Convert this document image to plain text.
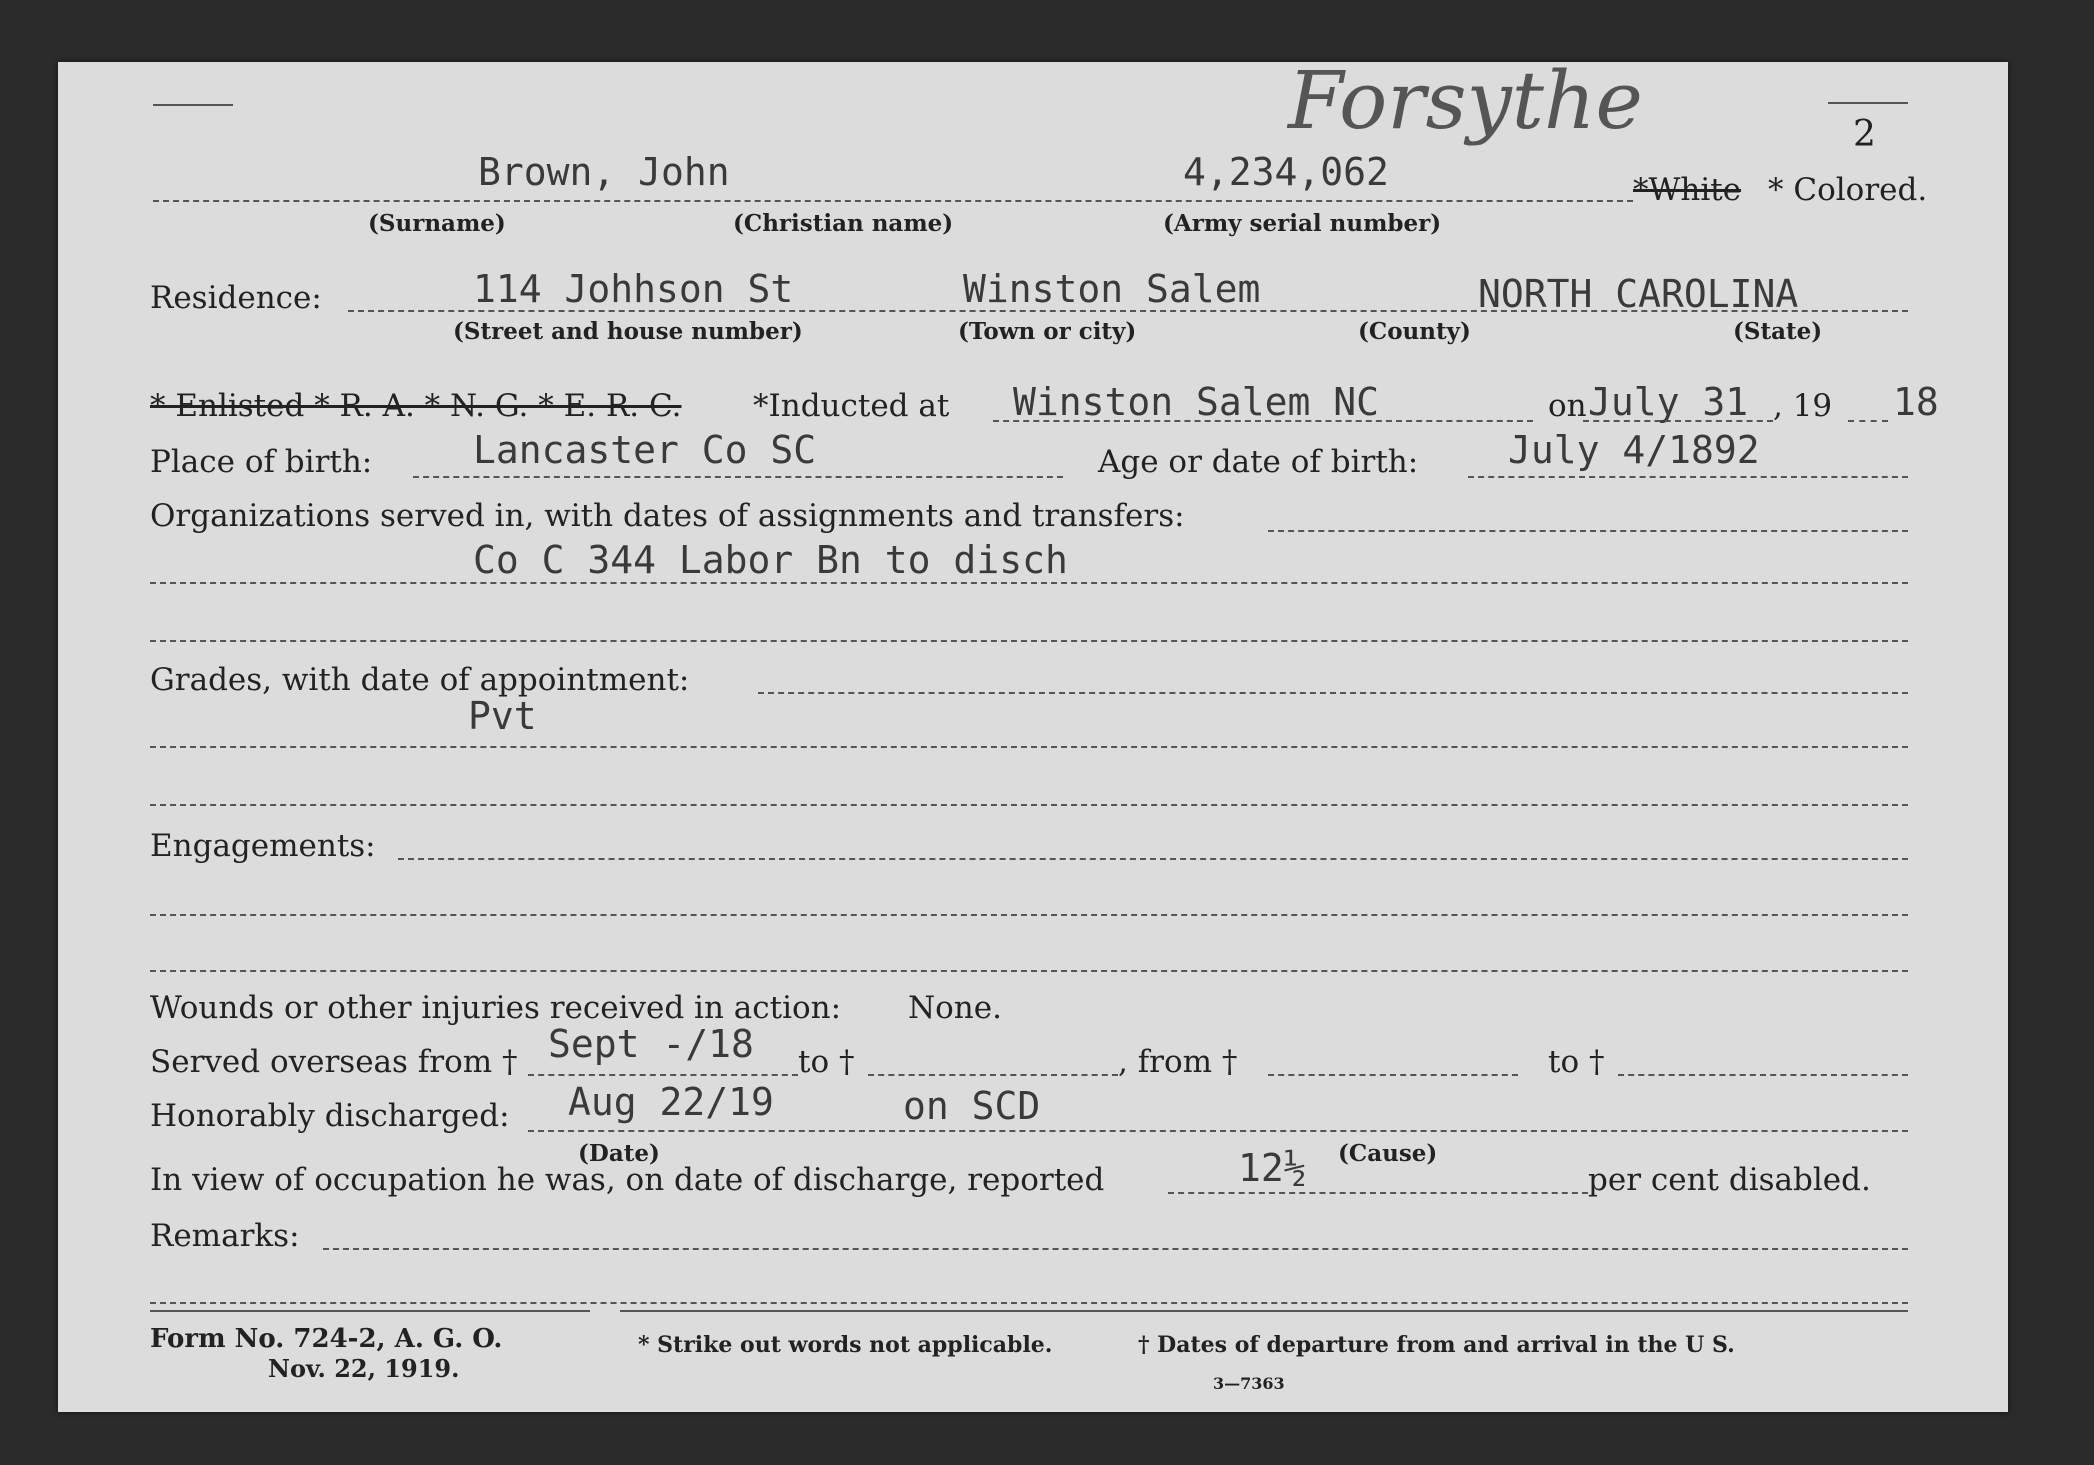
Forsythe	2
Brown, John	4,234,062	*White * Colored.
(Surname)	(Christian name)	(Army serial number)
Residence:	114 Johhson St	Winston Salem	NORTH CAROLINA
(Street and house number)	(Town or city)	(County)	(State)
* Enlisted * R. A. * N. G. * E. R. C. *Inducted at Winston Salem NC	on July 31 , 19 18
Place of birth:	Lancaster Co SC	Age or date of birth: July 4/1892
Organizations served in, with dates of assignments and transfers:
Co C 344 Labor Bn to disch
Grades, with date of appointment:
Pvt
Engagements:
Wounds or other injuries received in action: None.
Served overseas from † Sept -/18 to †	, from †	to †
Honorably discharged: Aug 22/19	on SCD
(Date)	(Cause)
In view of occupation he was, on date of discharge, reported	12½	per cent disabled.
Remarks:
Form No. 724-2, A. G. O.
Nov. 22, 1919.
* Strike out words not applicable.	† Dates of departure from and arrival in the U S.
3—7363
